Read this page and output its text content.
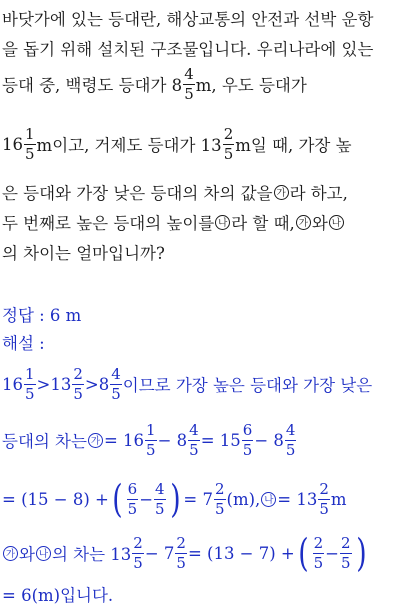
바닷가에 있는 등대란, 해상교통의 안전과 선박 운항
을 돕기 위해 설치된 구조물입니다. 우리나라에 있는
등대 중, 백령도 등대가 $8 \frac{4}{5} m$, 우도 등대가
$16 \frac{1}{5}$ m이고, 거제도 등대가 $13 \frac{2}{5}$ m일 때, 가장 높
은 등대와 가장 낮은 등대의 차의 값을 가 라 하고,
두 번째로 높은 등대의 높이를 나 라 할 때, 가 와 나
의 차이는 얼마입니까?
정답 : 6 m
해설 :
$16 \frac{1}{5} > 13 \frac{2}{5} > 8 \frac{4}{5}$ 이므로 가장 높은 등대와 가장 낮은
등대의 차는 가 = $16 \frac{1}{5} - 8 \frac{4}{5} = 15 \frac{6}{5} - 8 \frac{4}{5}$
= (15 − 8) + ( $\frac{6}{5} - \frac{4}{5}$ ) = $7 \frac{2}{5} (m)$, 나 = $13 \frac{2}{5}$ m
가 와 나 의 차는 $13 \frac{2}{5} - 7 \frac{2}{5} = (13 - 7)$ + ( $\frac{2}{5} - \frac{2}{5}$ )
= 6(m)입니다.
